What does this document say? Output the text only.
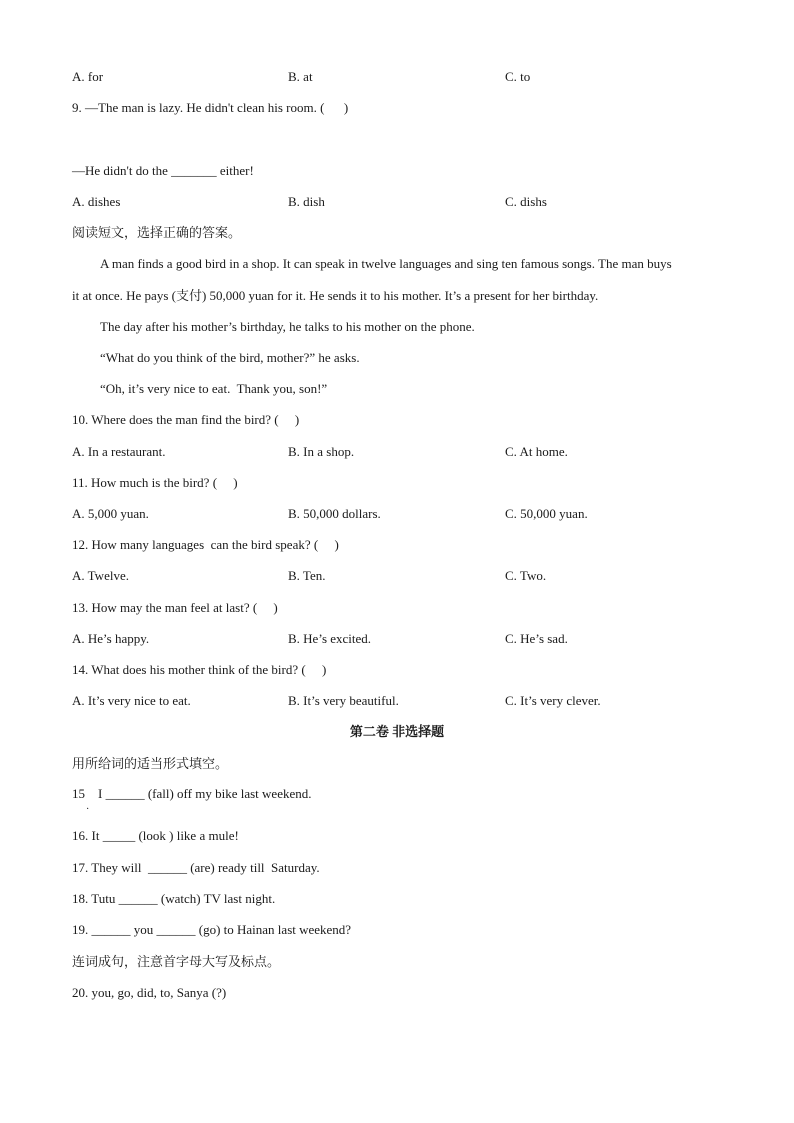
A. for	B. at	C. to
9. —The man is lazy. He didn't clean his room. (      )
—He didn't do the _______ either!
A. dishes	B. dish	C. dishs
阅读短文，选择正确的答案。
A man finds a good bird in a shop. It can speak in twelve languages and sing ten famous songs. The man buys
it at once. He pays (支付) 50,000 yuan for it. He sends it to his mother. It’s a present for her birthday.
The day after his mother’s birthday, he talks to his mother on the phone.
“What do you think of the bird, mother?” he asks.
“Oh, it’s very nice to eat.  Thank you, son!”
10. Where does the man find the bird? (     )
A. In a restaurant.	B. In a shop.	C. At home.
11. How much is the bird? (     )
A. 5,000 yuan.	B. 50,000 dollars.	C. 50,000 yuan.
12. How many languages  can the bird speak? (     )
A. Twelve.	B. Ten.	C. Two.
13. How may the man feel at last? (     )
A. He’s happy.	B. He’s excited.	C. He’s sad.
14. What does his mother think of the bird? (     )
A. It’s very nice to eat.	B. It’s very beautiful.	C. It’s very clever.
第二卷 非选择题
用所给词的适当形式填空。
15    I ______ (fall) off my bike last weekend.
·
16. It _____ (look ) like a mule!
17. They will  ______ (are) ready till  Saturday.
18. Tutu ______ (watch) TV last night.
19. ______ you ______ (go) to Hainan last weekend?
连词成句，注意首字母大写及标点。
20. you, go, did, to, Sanya (?)
